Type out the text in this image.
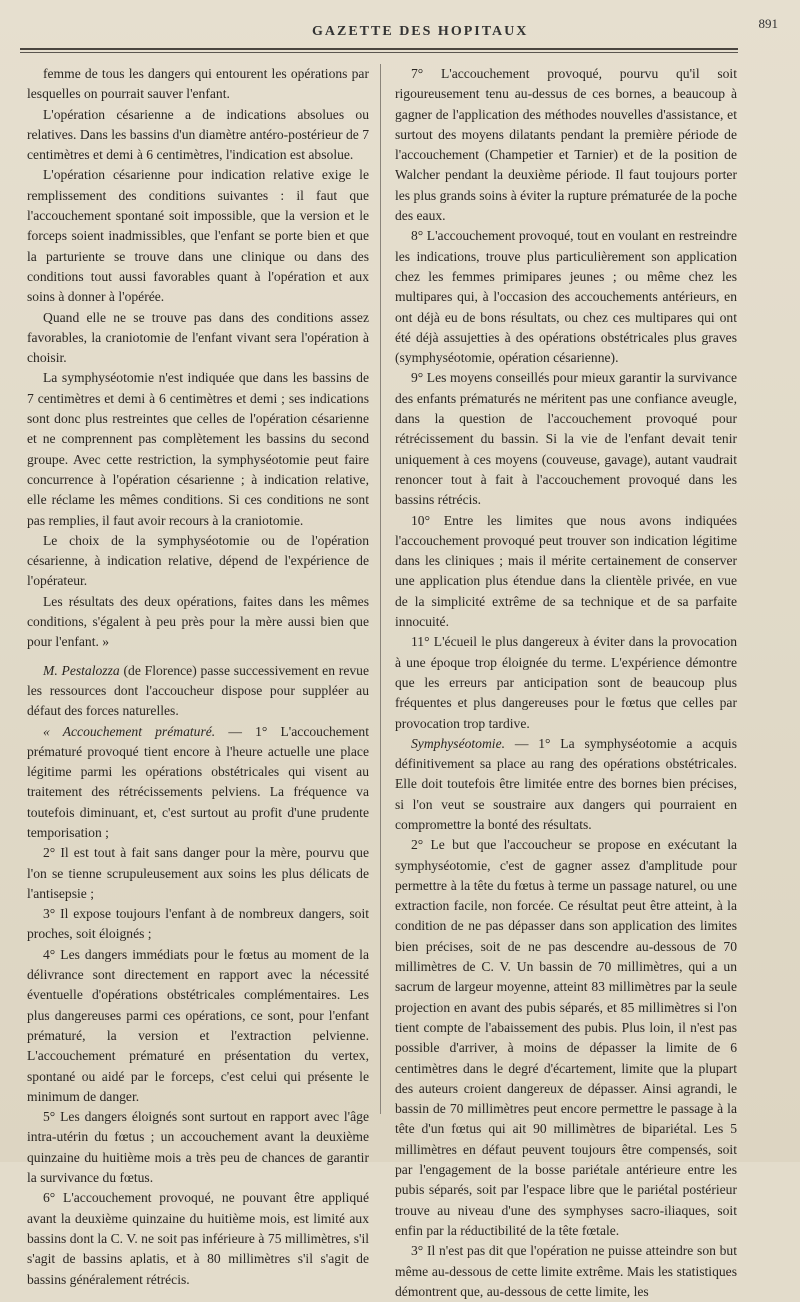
GAZETTE DES HOPITAUX
891

femme de tous les dangers qui entourent les opérations par lesquelles on pourrait sauver l'enfant.

L'opération césarienne a de indications absolues ou relatives. Dans les bassins d'un diamètre antéro-postérieur de 7 centimètres et demi à 6 centimètres, l'indication est absolue.

L'opération césarienne pour indication relative exige le remplissement des conditions suivantes : il faut que l'accouchement spontané soit impossible, que la version et le forceps soient inadmissibles, que l'enfant se porte bien et que la parturiente se trouve dans une clinique ou dans des conditions tout aussi favorables quant à l'opération et aux soins à donner à l'opérée.

Quand elle ne se trouve pas dans des conditions assez favorables, la craniotomie de l'enfant vivant sera l'opération à choisir.

La symphyséotomie n'est indiquée que dans les bassins de 7 centimètres et demi à 6 centimètres et demi ; ses indications sont donc plus restreintes que celles de l'opération césarienne et ne comprennent pas complètement les bassins du second groupe. Avec cette restriction, la symphyséotomie peut faire concurrence à l'opération césarienne ; à indication relative, elle réclame les mêmes conditions. Si ces conditions ne sont pas remplies, il faut avoir recours à la craniotomie.

Le choix de la symphyséotomie ou de l'opération césarienne, à indication relative, dépend de l'expérience de l'opérateur.

Les résultats des deux opérations, faites dans les mêmes conditions, s'égalent à peu près pour la mère aussi bien que pour l'enfant. »

M. Pestalozza (de Florence) passe successivement en revue les ressources dont l'accoucheur dispose pour suppléer au défaut des forces naturelles.

« Accouchement prématuré. — 1° L'accouchement prématuré provoqué tient encore à l'heure actuelle une place légitime parmi les opérations obstétricales qui visent au traitement des rétrécissements pelviens. La fréquence va toutefois diminuant, et, c'est surtout au profit d'une prudente temporisation ;

2° Il est tout à fait sans danger pour la mère, pourvu que l'on se tienne scrupuleusement aux soins les plus délicats de l'antisepsie ;

3° Il expose toujours l'enfant à de nombreux dangers, soit proches, soit éloignés ;

4° Les dangers immédiats pour le fœtus au moment de la délivrance sont directement en rapport avec la nécessité éventuelle d'opérations obstétricales complémentaires. Les plus dangereuses parmi ces opérations, ce sont, pour l'enfant prématuré, la version et l'extraction pelvienne. L'accouchement prématuré en présentation du vertex, spontané ou aidé par le forceps, c'est celui qui présente le minimum de danger.

5° Les dangers éloignés sont surtout en rapport avec l'âge intra-utérin du fœtus ; un accouchement avant la deuxième quinzaine du huitième mois a très peu de chances de garantir la survivance du fœtus.

6° L'accouchement provoqué, ne pouvant être appliqué avant la deuxième quinzaine du huitième mois, est limité aux bassins dont la C. V. ne soit pas inférieure à 75 millimètres, s'il s'agit de bassins aplatis, et à 80 millimètres s'il s'agit de bassins généralement rétrécis.

7° L'accouchement provoqué, pourvu qu'il soit rigoureusement tenu au-dessus de ces bornes, a beaucoup à gagner de l'application des méthodes nouvelles d'assistance, et surtout des moyens dilatants pendant la première période de l'accouchement (Champetier et Tarnier) et de la position de Walcher pendant la deuxième période. Il faut toujours porter les plus grands soins à éviter la rupture prématurée de la poche des eaux.

8° L'accouchement provoqué, tout en voulant en restreindre les indications, trouve plus particulièrement son application chez les femmes primipares jeunes ; ou même chez les multipares qui, à l'occasion des accouchements antérieurs, en ont déjà eu de bons résultats, ou chez ces multipares qui ont été déjà assujetties à des opérations obstétricales plus graves (symphyséotomie, opération césarienne).

9° Les moyens conseillés pour mieux garantir la survivance des enfants prématurés ne méritent pas une confiance aveugle, dans la question de l'accouchement provoqué pour rétrécissement du bassin. Si la vie de l'enfant devait tenir uniquement à ces moyens (couveuse, gavage), autant vaudrait renoncer tout à fait à l'accouchement provoqué dans les bassins rétrécis.

10° Entre les limites que nous avons indiquées l'accouchement provoqué peut trouver son indication légitime dans les cliniques ; mais il mérite certainement de conserver une application plus étendue dans la clientèle privée, en vue de la simplicité extrême de sa technique et de sa parfaite innocuité.

11° L'écueil le plus dangereux à éviter dans la provocation à une époque trop éloignée du terme. L'expérience démontre que les erreurs par anticipation sont de beaucoup plus fréquentes et plus dangereuses pour le fœtus que celles par provocation trop tardive.

Symphyséotomie. — 1° La symphyséotomie a acquis définitivement sa place au rang des opérations obstétricales. Elle doit toutefois être limitée entre des bornes bien précises, si l'on veut se soustraire aux dangers qui pourraient en compromettre la bonté des résultats.

2° Le but que l'accoucheur se propose en exécutant la symphyséotomie, c'est de gagner assez d'amplitude pour permettre à la tête du fœtus à terme un passage naturel, ou une extraction facile, non forcée. Ce résultat peut être atteint, à la condition de ne pas dépasser dans son application des limites bien précises, soit de ne pas descendre au-dessous de 70 millimètres de C. V. Un bassin de 70 millimètres, qui a un sacrum de largeur moyenne, atteint 83 millimètres par la seule projection en avant des pubis séparés, et 85 millimètres si l'on tient compte de l'abaissement des pubis. Plus loin, il n'est pas possible d'arriver, à moins de dépasser la limite de 6 centimètres dans le degré d'écartement, limite que la plupart des auteurs croient dangereux de dépasser. Ainsi agrandi, le bassin de 70 millimètres peut encore permettre le passage à la tête d'un fœtus qui ait 90 millimètres de bipariétal. Les 5 millimètres en défaut peuvent toujours être compensés, soit par l'engagement de la bosse pariétale antérieure entre les pubis séparés, soit par l'espace libre que le pariétal postérieur trouve au niveau d'une des symphyses sacro-iliaques, soit enfin par la réductibilité de la tête fœtale.

3° Il n'est pas dit que l'opération ne puisse atteindre son but même au-dessous de cette limite extrême. Mais les statistiques démontrent que, au-dessous de cette limite, les
